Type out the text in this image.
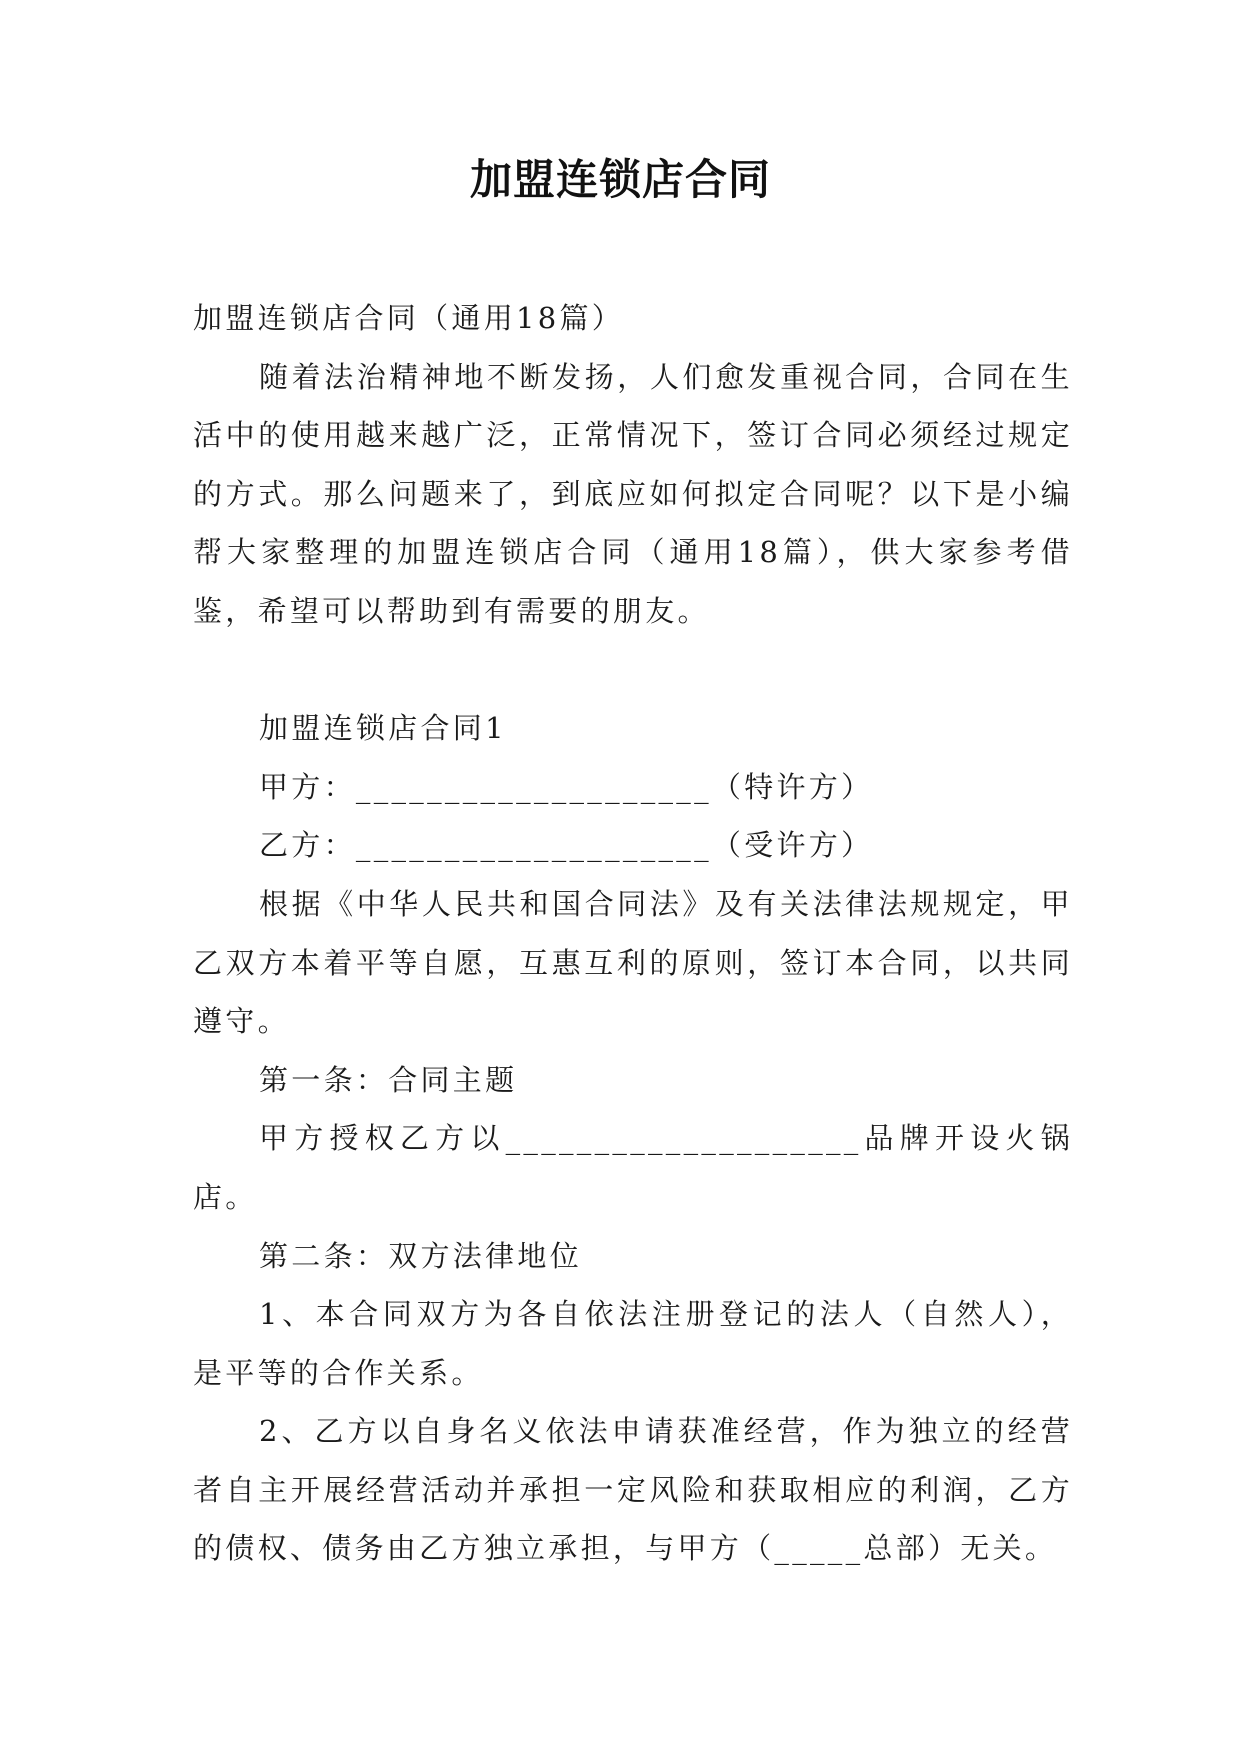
加盟连锁店合同

加盟连锁店合同（通用18篇）

随着法治精神地不断发扬，人们愈发重视合同，合同在生活中的使用越来越广泛，正常情况下，签订合同必须经过规定的方式。那么问题来了，到底应如何拟定合同呢？以下是小编帮大家整理的加盟连锁店合同（通用18篇），供大家参考借鉴，希望可以帮助到有需要的朋友。

加盟连锁店合同1

甲方：____________________（特许方）

乙方：____________________（受许方）

根据《中华人民共和国合同法》及有关法律法规规定，甲乙双方本着平等自愿，互惠互利的原则，签订本合同，以共同遵守。

第一条：合同主题

甲方授权乙方以____________________品牌开设火锅店。

第二条：双方法律地位

1、本合同双方为各自依法注册登记的法人（自然人），是平等的合作关系。

2、乙方以自身名义依法申请获准经营，作为独立的经营者自主开展经营活动并承担一定风险和获取相应的利润，乙方的债权、债务由乙方独立承担，与甲方（_____总部）无关。
